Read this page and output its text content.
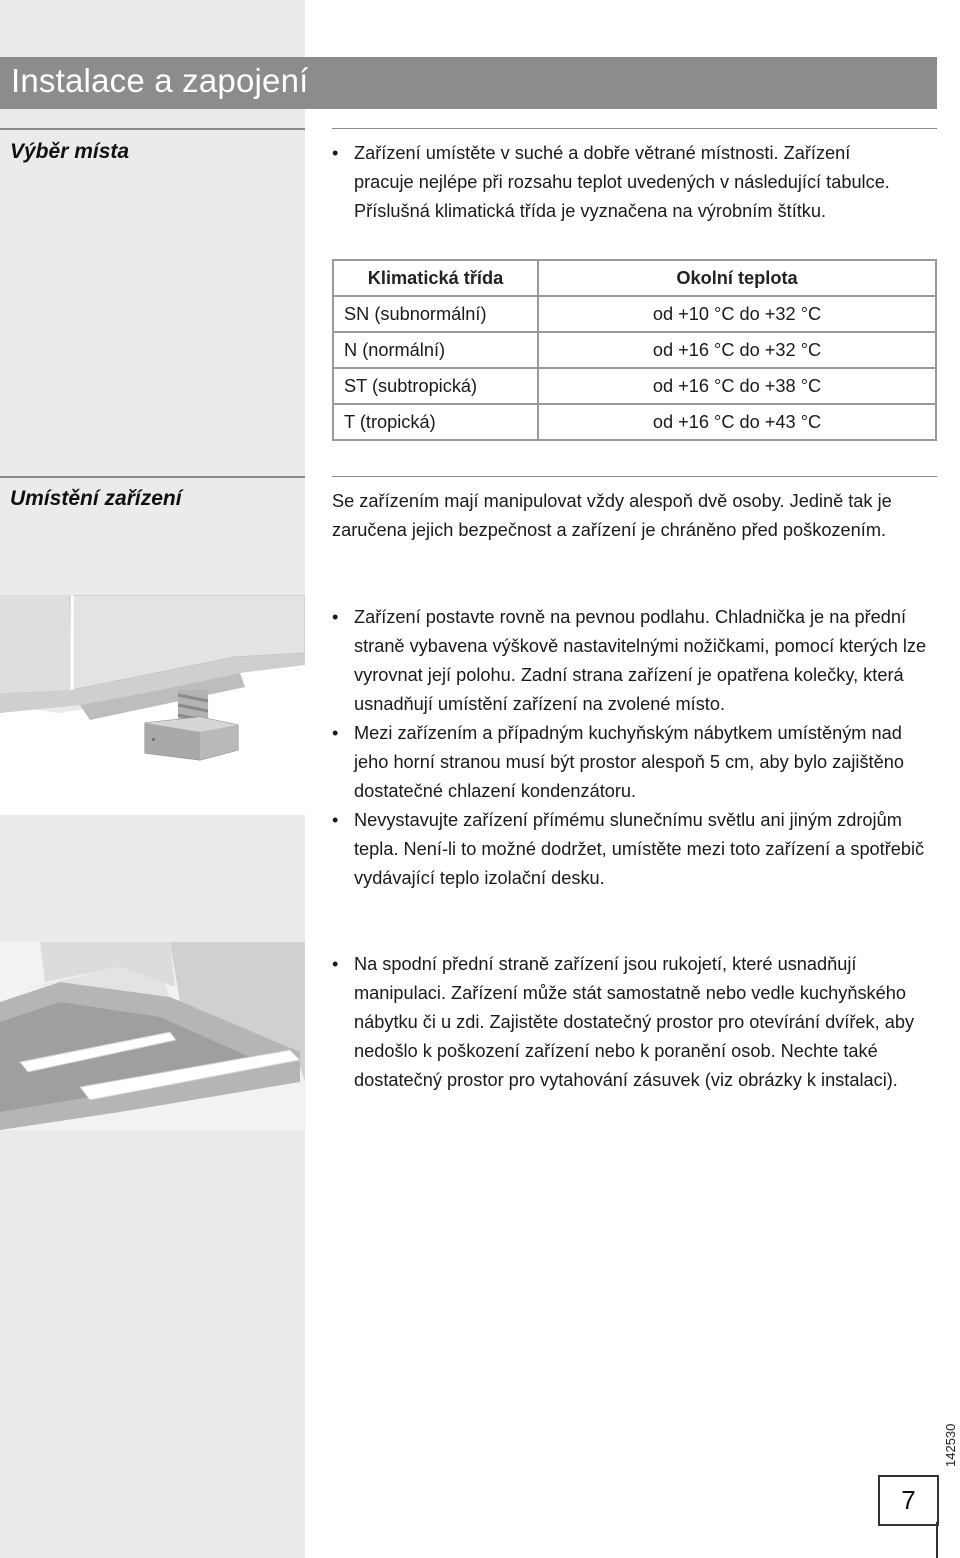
Instalace a zapojení
Výběr místa	• Zařízení umístěte v suché a dobře větrané místnosti. Zařízení pracuje nejlépe při rozsahu teplot uvedených v následující tabulce. Příslušná klimatická třída je vyznačena na výrobním štítku.
Klimatická třída	Okolní teplota
SN (subnormální)	od +10 °C do +32 °C
N (normální)	od +16 °C do +32 °C
ST (subtropická)	od +16 °C do +38 °C
T (tropická)	od +16 °C do +43 °C
Umístění zařízení	Se zařízením mají manipulovat vždy alespoň dvě osoby. Jedině tak je zaručena jejich bezpečnost a zařízení je chráněno před poškozením.

• Zařízení postavte rovně na pevnou podlahu. Chladnička je na přední straně vybavena výškově nastavitelnými nožičkami, pomocí kterých lze vyrovnat její polohu. Zadní strana zařízení je opatřena kolečky, která usnadňují umístění zařízení na zvolené místo.
• Mezi zařízením a případným kuchyňským nábytkem umístěným nad jeho horní stranou musí být prostor alespoň 5 cm, aby bylo zajištěno dostatečné chlazení kondenzátoru.
• Nevystavujte zařízení přímému slunečnímu světlu ani jiným zdrojům tepla. Není-li to možné dodržet, umístěte mezi toto zařízení a spotřebič vydávající teplo izolační desku.
• Na spodní přední straně zařízení jsou rukojetí, které usnadňují manipulaci. Zařízení může stát samostatně nebo vedle kuchyňského nábytku či u zdi. Zajistěte dostatečný prostor pro otevírání dvířek, aby nedošlo k poškození zařízení nebo k poranění osob. Nechte také dostatečný prostor pro vytahování zásuvek (viz obrázky k instalaci).
142530
7
